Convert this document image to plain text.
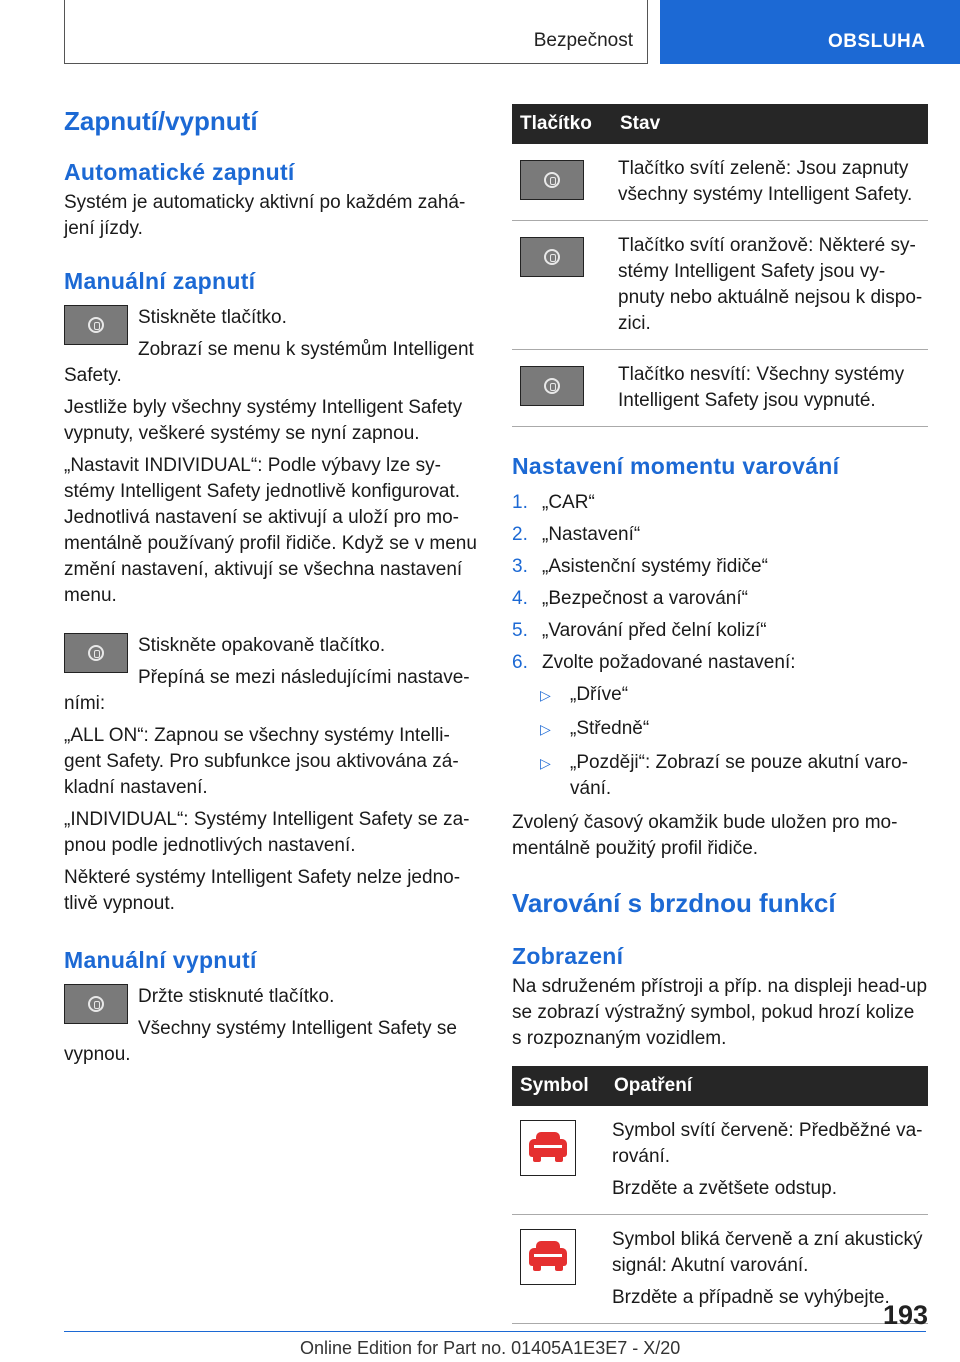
Bezpečnost	OBSLUHA
Zapnutí/vypnutí
Automatické zapnutí

Systém je automaticky aktivní po každém zahá-jení jízdy.

Manuální zapnutí

Stiskněte tlačítko.

Zobrazí se menu k systémům Intelligent Safety.

Jestliže byly všechny systémy Intelligent Safety vypnuty, veškeré systémy se nyní zapnou.

„Nastavit INDIVIDUAL“: Podle výbavy lze sy-stémy Intelligent Safety jednotlivě konfigurovat. Jednotlivá nastavení se aktivují a uloží pro mo-mentálně používaný profil řidiče. Když se v menu změní nastavení, aktivují se všechna nastavení menu.

Stiskněte opakovaně tlačítko.

Přepíná se mezi následujícími nastave-ními:

„ALL ON“: Zapnou se všechny systémy Intelli-gent Safety. Pro subfunkce jsou aktivována zá-kladní nastavení.

„INDIVIDUAL“: Systémy Intelligent Safety se za-pnou podle jednotlivých nastavení.

Některé systémy Intelligent Safety nelze jedno-tlivě vypnout.

Manuální vypnutí

Držte stisknuté tlačítko.

Všechny systémy Intelligent Safety se vypnou.

Tlačítko	Stav

	Tlačítko svítí zeleně: Jsou zapnuty všechny systémy Intelligent Safety.

	Tlačítko svítí oranžově: Některé sy-stémy Intelligent Safety jsou vy-pnuty nebo aktuálně nejsou k dispo-zici.

	Tlačítko nesvítí: Všechny systémy Intelligent Safety jsou vypnuté.
Nastavení momentu varování
1. „CAR“
2. „Nastavení“
3. „Asistenční systémy řidiče“
4. „Bezpečnost a varování“
5. „Varování před čelní kolizí“
6. Zvolte požadované nastavení:
▷ „Dříve“
▷ „Středně“
▷ „Později“: Zobrazí se pouze akutní varo-vání.

Zvolený časový okamžik bude uložen pro mo-mentálně použitý profil řidiče.

Varování s brzdnou funkcí
Zobrazení

Na sdruženém přístroji a příp. na displeji head-up se zobrazí výstražný symbol, pokud hrozí kolize s rozpoznaným vozidlem.

Symbol	Opatření

	Symbol svítí červeně: Předběžné va-rování.

Brzděte a zvětšete odstup.

	Symbol bliká červeně a zní akustický signál: Akutní varování.

Brzděte a případně se vyhýbejte.

193
Online Edition for Part no. 01405A1E3E7 - X/20
